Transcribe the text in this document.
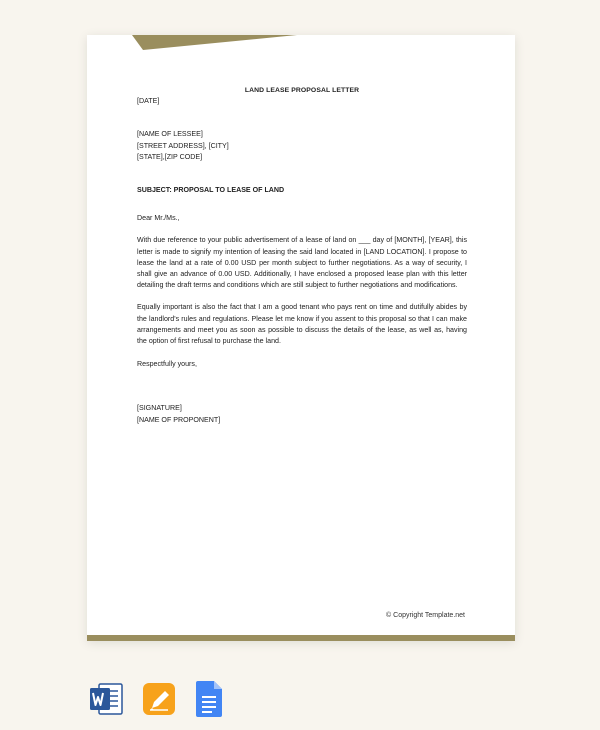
LAND LEASE PROPOSAL LETTER

[DATE]

[NAME OF LESSEE]

[STREET ADDRESS], [CITY]

[STATE],[ZIP CODE]

SUBJECT: PROPOSAL TO LEASE OF LAND

Dear Mr./Ms.,

With due reference to your public advertisement of a lease of land on ___ day of [MONTH], [YEAR], this letter is made to signify my intention of leasing the said land located in [LAND LOCATION]. I propose to lease the land at a rate of 0.00 USD per month subject to further negotiations. As a way of security, I shall give an advance of 0.00 USD. Additionally, I have enclosed a proposed lease plan with this letter detailing the draft terms and conditions which are still subject to further negotiations and modifications.

Equally important is also the fact that I am a good tenant who pays rent on time and dutifully abides by the landlord's rules and regulations. Please let me know if you assent to this proposal so that I can make arrangements and meet you as soon as possible to discuss the details of the lease, as well as, having the option of first refusal to purchase the land.

Respectfully yours,

[SIGNATURE]

[NAME OF PROPONENT]

© Copyright Template.net
